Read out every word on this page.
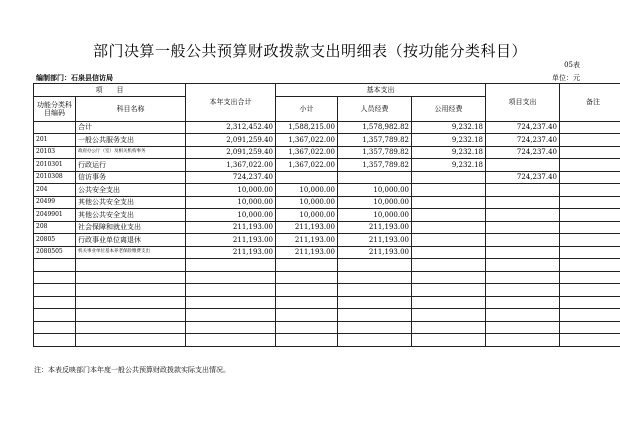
部门决算一般公共预算财政拨款支出明细表（按功能分类科目）
05表
编制部门：石泉县信访局	单位：元
项　　目		本年支出合计	基本支出			项目支出	备注
功能分类科目编码	科目名称		小计	人员经费	公用经费		

	合计	2,312,452.40	1,588,215.00	1,578,982.82	9,232.18	724,237.40	
201	一般公共服务支出	2,091,259.40	1,367,022.00	1,357,789.82	9,232.18	724,237.40	
20103	政府办公厅（室）及相关机构事务	2,091,259.40	1,367,022.00	1,357,789.82	9,232.18	724,237.40	
2010301	行政运行	1,367,022.00	1,367,022.00	1,357,789.82	9,232.18		
2010308	信访事务	724,237.40				724,237.40	
204	公共安全支出	10,000.00	10,000.00	10,000.00			
20499	其他公共安全支出	10,000.00	10,000.00	10,000.00			
2049901	其他公共安全支出	10,000.00	10,000.00	10,000.00			
208	社会保障和就业支出	211,193.00	211,193.00	211,193.00			
20805	行政事业单位离退休	211,193.00	211,193.00	211,193.00			
2080505	机关事业单位基本养老保险缴费支出	211,193.00	211,193.00	211,193.00			

注：本表反映部门本年度一般公共预算财政拨款实际支出情况。
